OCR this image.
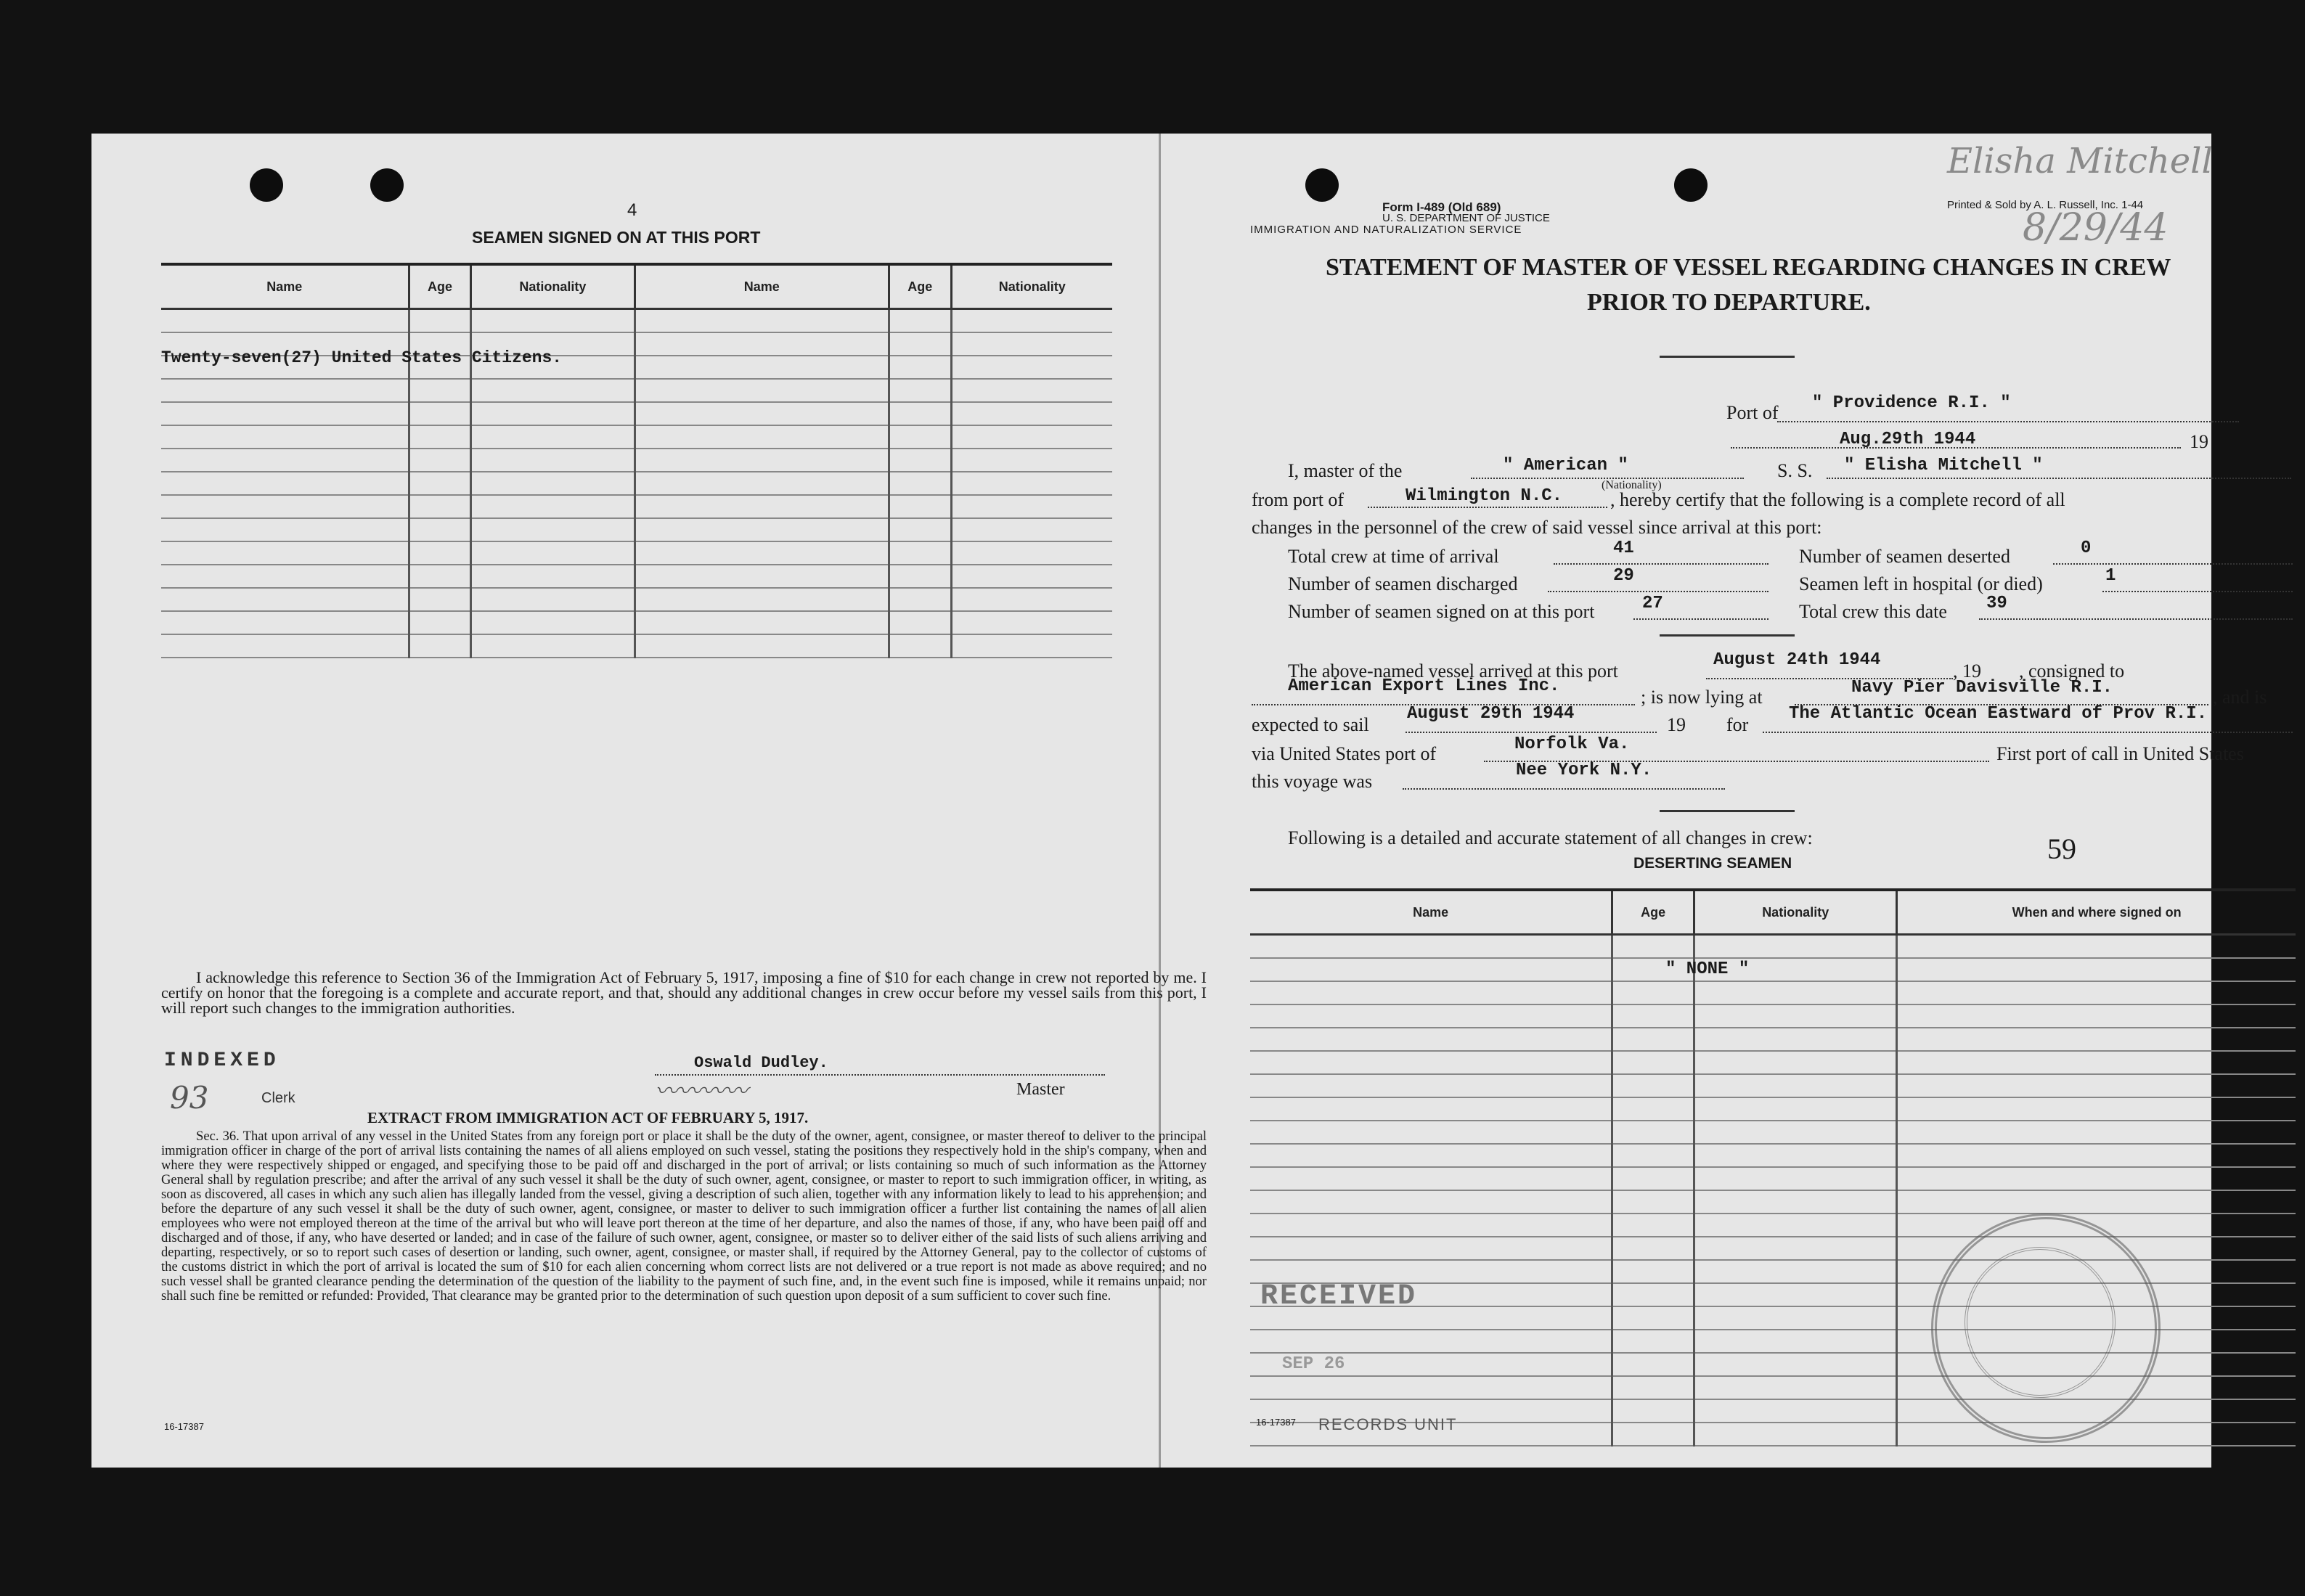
4
SEAMEN SIGNED ON AT THIS PORT
Name	Age	Nationality	Name	Age	Nationality

Twenty-seven(27) United States Citizens.
I acknowledge this reference to Section 36 of the Immigration Act of February 5, 1917, imposing a fine of $10 for each change in crew not reported by me. I certify on honor that the foregoing is a complete and accurate report, and that, should any additional changes in crew occur before my vessel sails from this port, I will report such changes to the immigration authorities.
INDEXED
93	Clerk
Oswald Dudley.
〰〰〰〰	Master
EXTRACT FROM IMMIGRATION ACT OF FEBRUARY 5, 1917.
Sec. 36. That upon arrival of any vessel in the United States from any foreign port or place it shall be the duty of the owner, agent, consignee, or master thereof to deliver to the principal immigration officer in charge of the port of arrival lists containing the names of all aliens employed on such vessel, stating the positions they respectively hold in the ship's company, when and where they were respectively shipped or engaged, and specifying those to be paid off and discharged in the port of arrival; or lists containing so much of such information as the Attorney General shall by regulation prescribe; and after the arrival of any such vessel it shall be the duty of such owner, agent, consignee, or master to report to such immigration officer, in writing, as soon as discovered, all cases in which any such alien has illegally landed from the vessel, giving a description of such alien, together with any information likely to lead to his apprehension; and before the departure of any such vessel it shall be the duty of such owner, agent, consignee, or master to deliver to such immigration officer a further list containing the names of all alien employees who were not employed thereon at the time of the arrival but who will leave port thereon at the time of her departure, and also the names of those, if any, who have been paid off and discharged and of those, if any, who have deserted or landed; and in case of the failure of such owner, agent, consignee, or master so to deliver either of the said lists of such aliens arriving and departing, respectively, or so to report such cases of desertion or landing, such owner, agent, consignee, or master shall, if required by the Attorney General, pay to the collector of customs of the customs district in which the port of arrival is located the sum of $10 for each alien concerning whom correct lists are not delivered or a true report is not made as above required; and no such vessel shall be granted clearance pending the determination of the question of the liability to the payment of such fine, and, in the event such fine is imposed, while it remains unpaid; nor shall such fine be remitted or refunded: Provided, That clearance may be granted prior to the determination of such question upon deposit of a sum sufficient to cover such fine.
16-17387
Form I-489 (Old 689)
U. S. DEPARTMENT OF JUSTICE
IMMIGRATION AND NATURALIZATION SERVICE
Printed & Sold by A. L. Russell, Inc. 1-44
Elisha Mitchell
8/29/44
STATEMENT OF MASTER OF VESSEL REGARDING CHANGES IN CREW
PRIOR TO DEPARTURE.
Port of " Providence R.I. "
Aug.29th 1944	19
I, master of the	" American "
(Nationality)
S. S. " Elisha Mitchell "
from port of	Wilmington N.C.	, hereby certify that the following is a complete record of all
changes in the personnel of the crew of said vessel since arrival at this port:
Total crew at time of arrival	41	Number of seamen deserted	0
Number of seamen discharged	29	Seamen left in hospital (or died)	1
Number of seamen signed on at this port	27	Total crew this date 39
The above-named vessel arrived at this port
August 24th 1944
, 19        , consigned to
American Export Lines Inc.
; is now lying at	Navy Pier Davisville R.I.	, and is
expected to sail
August 29th 1944
19 for
The Atlantic Ocean Eastward of Prov R.I.
via United States port of	Norfolk Va.	First port of call in United States
this voyage was
Nee York N.Y.
Following is a detailed and accurate statement of all changes in crew:
DESERTING SEAMEN	59
Name	Age	Nationality	When and where signed on

" NONE "
RECEIVED
SEP 26
16-17387 RECORDS UNIT
